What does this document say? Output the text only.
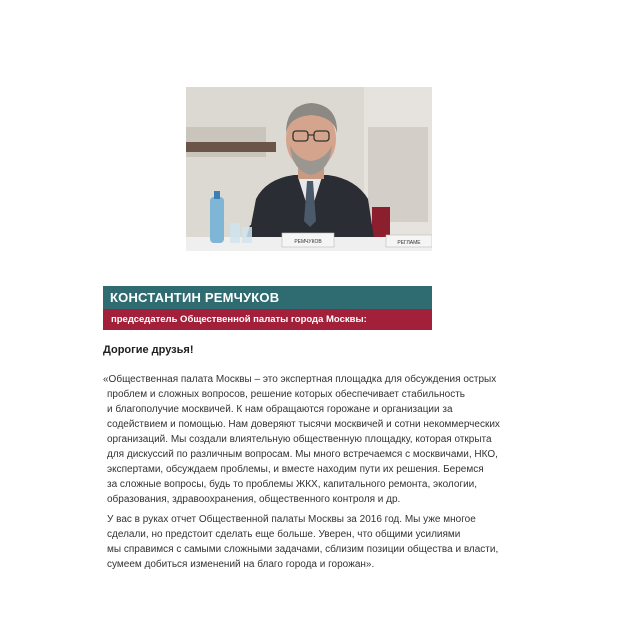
РЕМЧУКОВ	РЕГЛАМЕ
КОНСТАНТИН РЕМЧУКОВ
председатель Общественной палаты города Москвы:
Дорогие друзья!

«Общественная палата Москвы – это экспертная площадка для обсуждения острых
проблем и сложных вопросов, решение которых обеспечивает стабильность
и благополучие москвичей. К нам обращаются горожане и организации за
содействием и помощью. Нам доверяют тысячи москвичей и сотни некоммерческих
организаций. Мы создали влиятельную общественную площадку, которая открыта
для дискуссий по различным вопросам. Мы много встречаемся с москвичами, НКО,
экспертами, обсуждаем проблемы, и вместе находим пути их решения. Беремся
за сложные вопросы, будь то проблемы ЖКХ, капитального ремонта, экологии,
образования, здравоохранения, общественного контроля и др.

У вас в руках отчет Общественной палаты Москвы за 2016 год. Мы уже многое
сделали, но предстоит сделать еще больше. Уверен, что общими усилиями
мы справимся с самыми сложными задачами, сблизим позиции общества и власти,
сумеем добиться изменений на благо города и горожан».
